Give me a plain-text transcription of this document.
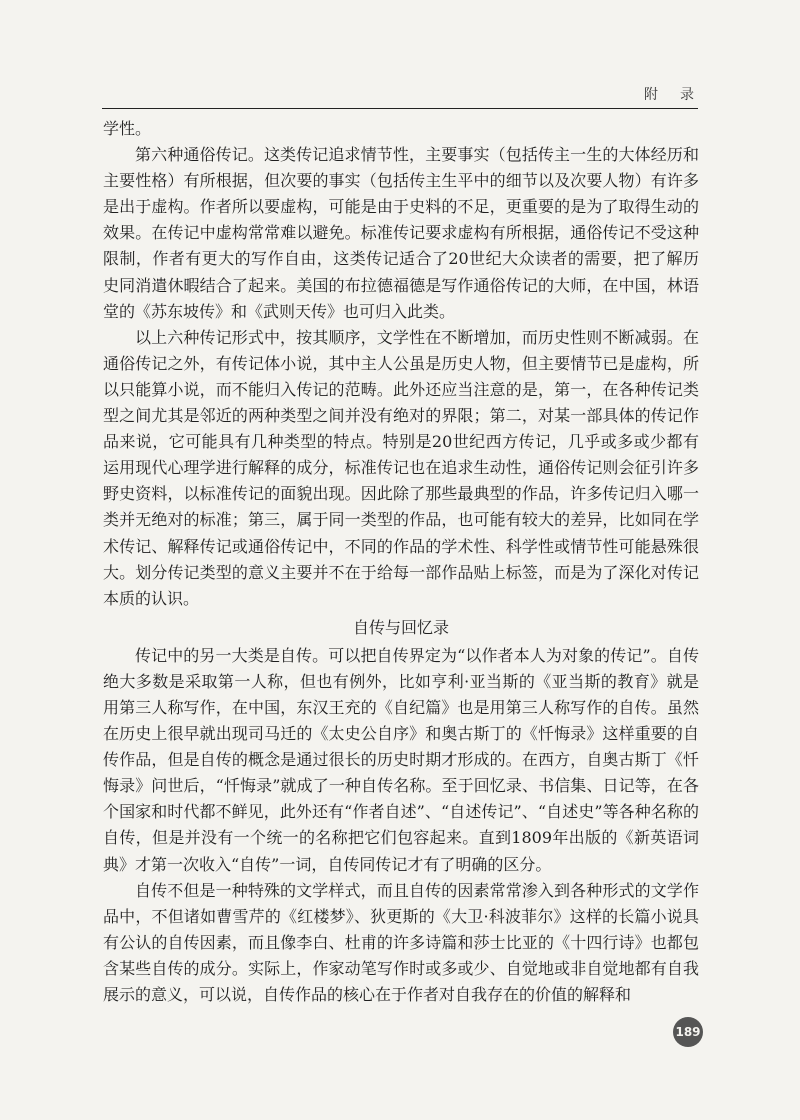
附　录

学性。

第六种通俗传记。这类传记追求情节性，主要事实（包括传主一生的大体经历和主要性格）有所根据，但次要的事实（包括传主生平中的细节以及次要人物）有许多是出于虚构。作者所以要虚构，可能是由于史料的不足，更重要的是为了取得生动的效果。在传记中虚构常常难以避免。标准传记要求虚构有所根据，通俗传记不受这种限制，作者有更大的写作自由，这类传记适合了20世纪大众读者的需要，把了解历史同消遣休暇结合了起来。美国的布拉德福德是写作通俗传记的大师，在中国，林语堂的《苏东坡传》和《武则天传》也可归入此类。

以上六种传记形式中，按其顺序，文学性在不断增加，而历史性则不断减弱。在通俗传记之外，有传记体小说，其中主人公虽是历史人物，但主要情节已是虚构，所以只能算小说，而不能归入传记的范畴。此外还应当注意的是，第一，在各种传记类型之间尤其是邻近的两种类型之间并没有绝对的界限；第二，对某一部具体的传记作品来说，它可能具有几种类型的特点。特别是20世纪西方传记，几乎或多或少都有运用现代心理学进行解释的成分，标准传记也在追求生动性，通俗传记则会征引许多野史资料，以标准传记的面貌出现。因此除了那些最典型的作品，许多传记归入哪一类并无绝对的标准；第三，属于同一类型的作品，也可能有较大的差异，比如同在学术传记、解释传记或通俗传记中，不同的作品的学术性、科学性或情节性可能悬殊很大。划分传记类型的意义主要并不在于给每一部作品贴上标签，而是为了深化对传记本质的认识。

自传与回忆录

传记中的另一大类是自传。可以把自传界定为“以作者本人为对象的传记”。自传绝大多数是采取第一人称，但也有例外，比如亨利·亚当斯的《亚当斯的教育》就是用第三人称写作，在中国，东汉王充的《自纪篇》也是用第三人称写作的自传。虽然在历史上很早就出现司马迁的《太史公自序》和奥古斯丁的《忏悔录》这样重要的自传作品，但是自传的概念是通过很长的历史时期才形成的。在西方，自奥古斯丁《忏悔录》问世后，“忏悔录”就成了一种自传名称。至于回忆录、书信集、日记等，在各个国家和时代都不鲜见，此外还有“作者自述”、“自述传记”、“自述史”等各种名称的自传，但是并没有一个统一的名称把它们包容起来。直到1809年出版的《新英语词典》才第一次收入“自传”一词，自传同传记才有了明确的区分。

自传不但是一种特殊的文学样式，而且自传的因素常常渗入到各种形式的文学作品中，不但诸如曹雪芹的《红楼梦》、狄更斯的《大卫·科波菲尔》这样的长篇小说具有公认的自传因素，而且像李白、杜甫的许多诗篇和莎士比亚的《十四行诗》也都包含某些自传的成分。实际上，作家动笔写作时或多或少、自觉地或非自觉地都有自我展示的意义，可以说，自传作品的核心在于作者对自我存在的价值的解释和

189
